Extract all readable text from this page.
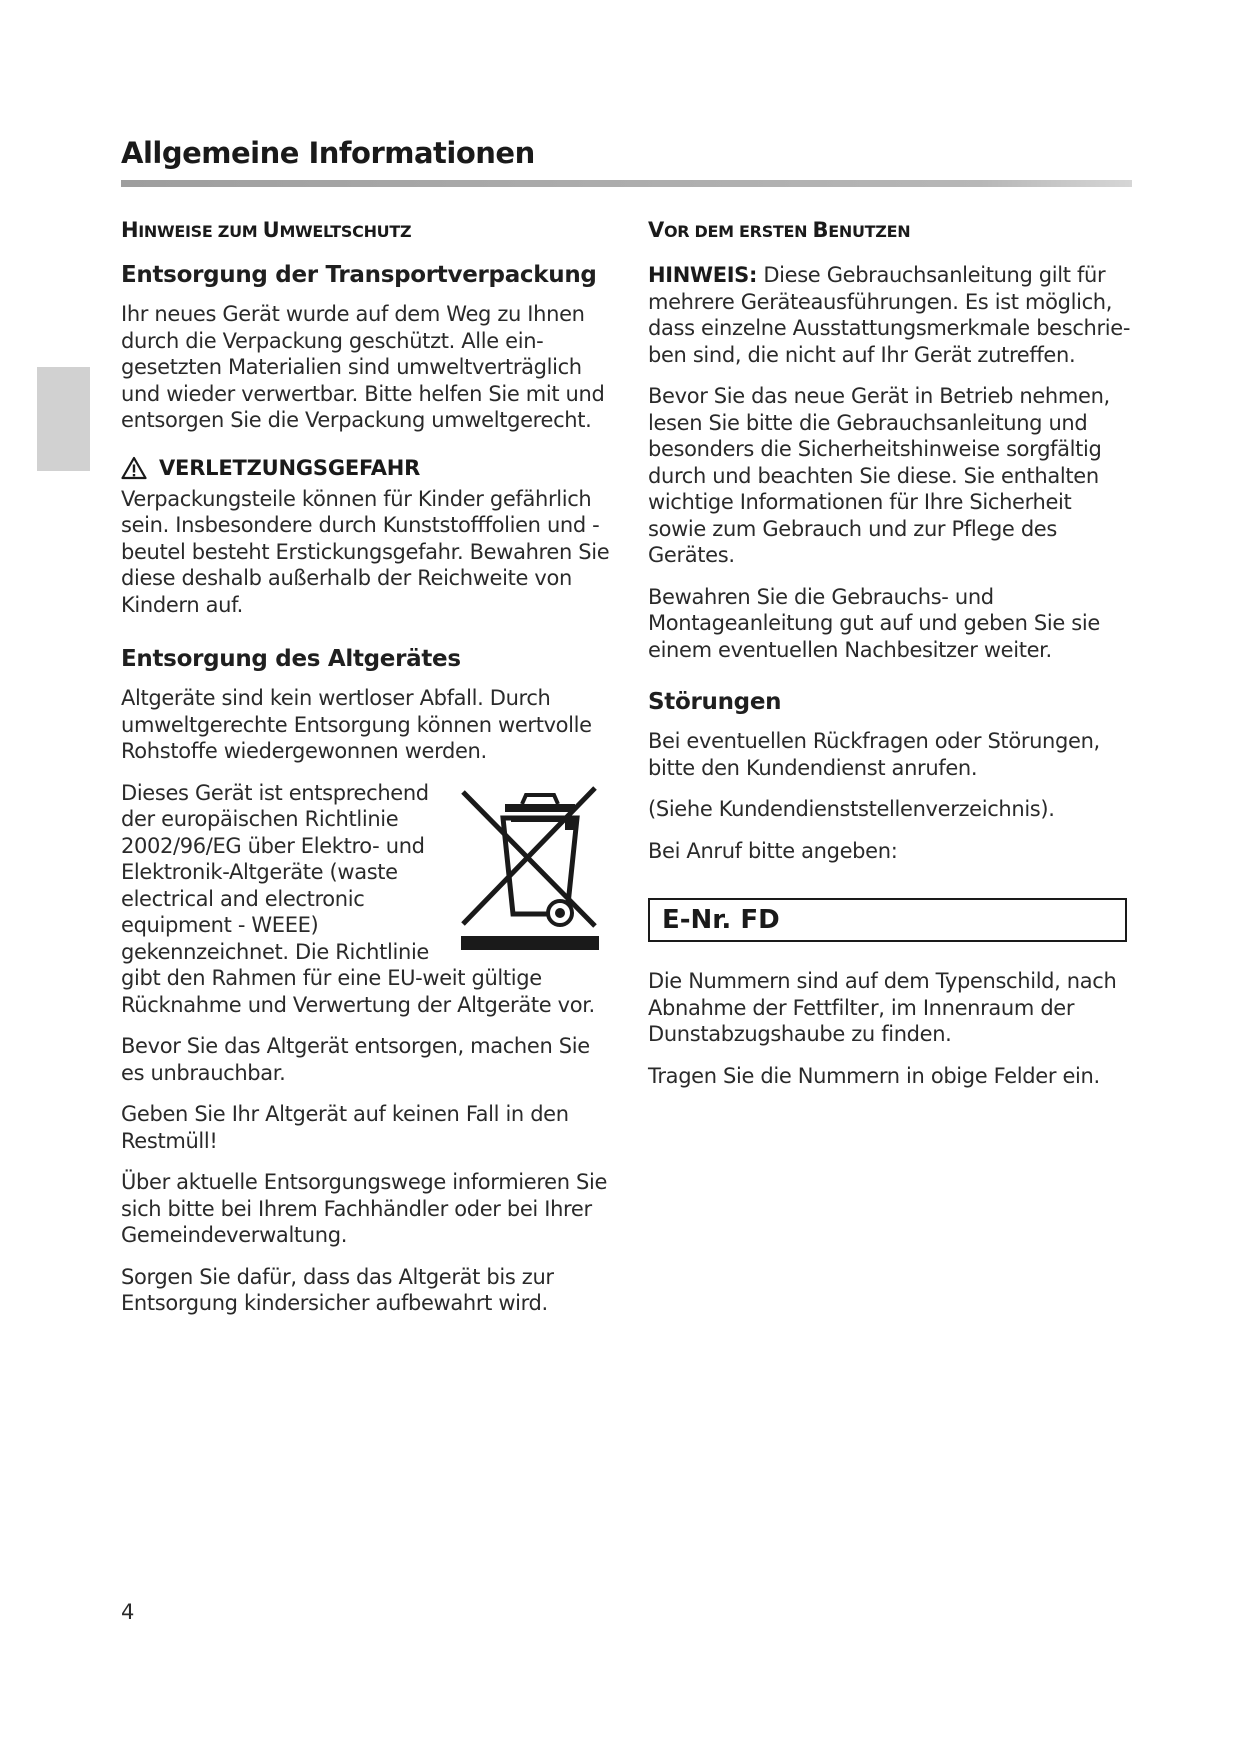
Allgemeine Informationen
HINWEISE ZUM UMWELTSCHUTZ
Entsorgung der Transportverpackung

Ihr neues Gerät wurde auf dem Weg zu Ihnen durch die Verpackung geschützt. Alle eingesetzten Materialien sind umweltverträglich und wieder verwertbar. Bitte helfen Sie mit und entsorgen Sie die Verpackung umweltgerecht.

VERLETZUNGSGEFAHR

Verpackungsteile können für Kinder gefährlich sein. Insbesondere durch Kunststofffolien und -beutel besteht Erstickungsgefahr. Bewahren Sie diese deshalb außerhalb der Reichweite von Kindern auf.

Entsorgung des Altgerätes

Altgeräte sind kein wertloser Abfall. Durch umweltgerechte Entsorgung können wertvolle Rohstoffe wiedergewonnen werden.

Dieses Gerät ist entsprechend der europäischen Richtlinie 2002/96/EG über Elektro- und Elektronik-Altgeräte (waste electrical and electronic equipment - WEEE) gekennzeichnet. Die Richtlinie gibt den Rahmen für eine EU-weit gültige Rücknahme und Verwertung der Altgeräte vor.

Bevor Sie das Altgerät entsorgen, machen Sie es unbrauchbar.

Geben Sie Ihr Altgerät auf keinen Fall in den Restmüll!

Über aktuelle Entsorgungswege informieren Sie sich bitte bei Ihrem Fachhändler oder bei Ihrer Gemeindeverwaltung.

Sorgen Sie dafür, dass das Altgerät bis zur Entsorgung kindersicher aufbewahrt wird.

VOR DEM ERSTEN BENUTZEN

HINWEIS: Diese Gebrauchsanleitung gilt für mehrere Geräteausführungen. Es ist möglich, dass einzelne Ausstattungsmerkmale beschrieben sind, die nicht auf Ihr Gerät zutreffen.

Bevor Sie das neue Gerät in Betrieb nehmen, lesen Sie bitte die Gebrauchsanleitung und besonders die Sicherheitshinweise sorgfältig durch und beachten Sie diese. Sie enthalten wichtige Informationen für Ihre Sicherheit sowie zum Gebrauch und zur Pflege des Gerätes.

Bewahren Sie die Gebrauchs- und Montageanleitung gut auf und geben Sie sie einem eventuellen Nachbesitzer weiter.

Störungen

Bei eventuellen Rückfragen oder Störungen, bitte den Kundendienst anrufen.

(Siehe Kundendienststellenverzeichnis).

Bei Anruf bitte angeben:

E-Nr. FD

Die Nummern sind auf dem Typenschild, nach Abnahme der Fettfilter, im Innenraum der Dunstabzugshaube zu finden.

Tragen Sie die Nummern in obige Felder ein.

4
